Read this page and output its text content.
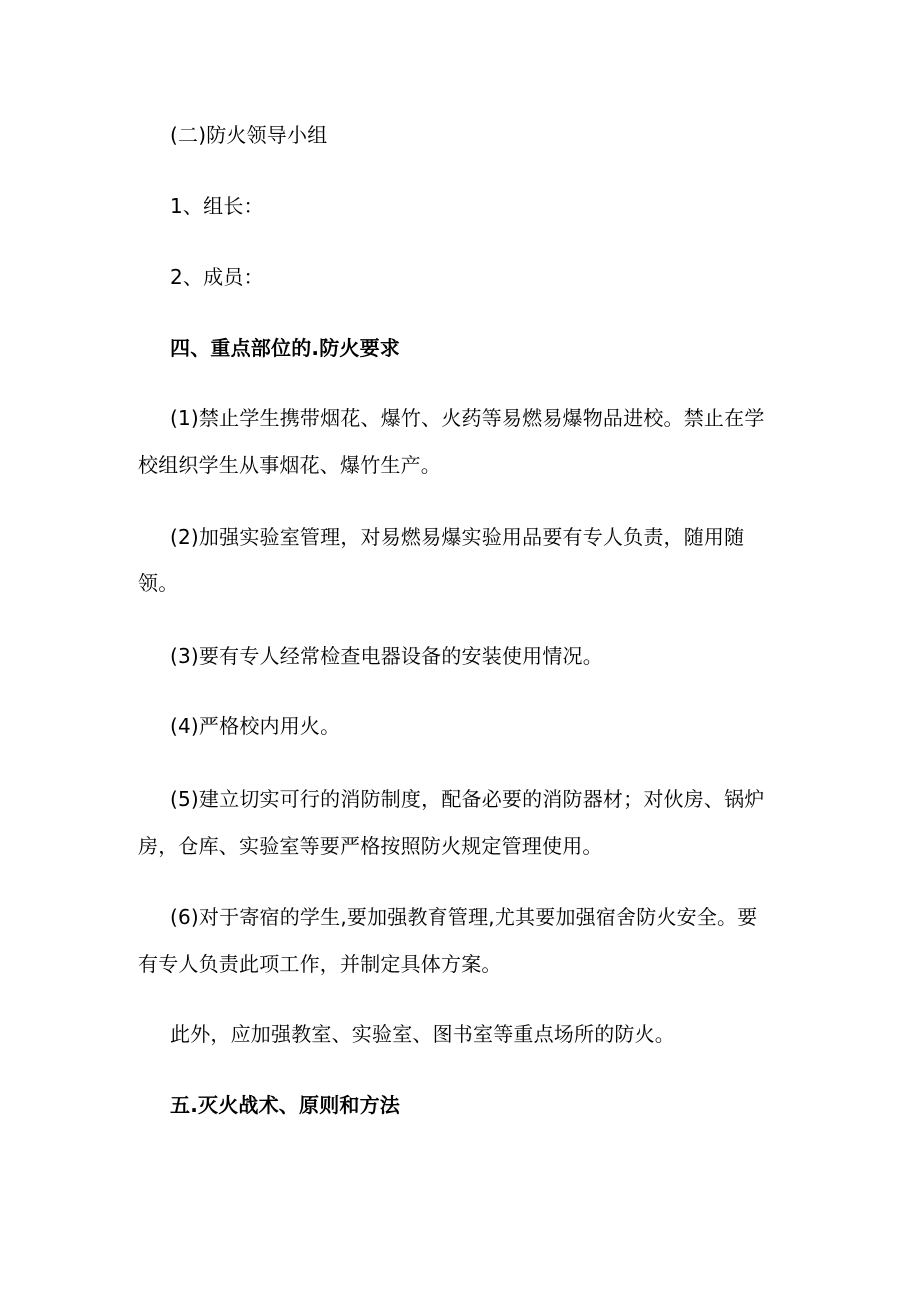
(二)防火领导小组
1、组长：
2、成员：
四、重点部位的.防火要求
(1)禁止学生携带烟花、爆竹、火药等易燃易爆物品进校。禁止在学
校组织学生从事烟花、爆竹生产。
(2)加强实验室管理，对易燃易爆实验用品要有专人负责，随用随
领。
(3)要有专人经常检查电器设备的安装使用情况。
(4)严格校内用火。
(5)建立切实可行的消防制度，配备必要的消防器材；对伙房、锅炉
房，仓库、实验室等要严格按照防火规定管理使用。
(6)对于寄宿的学生,要加强教育管理,尤其要加强宿舍防火安全。要
有专人负责此项工作，并制定具体方案。
此外，应加强教室、实验室、图书室等重点场所的防火。
五.灭火战术、原则和方法
